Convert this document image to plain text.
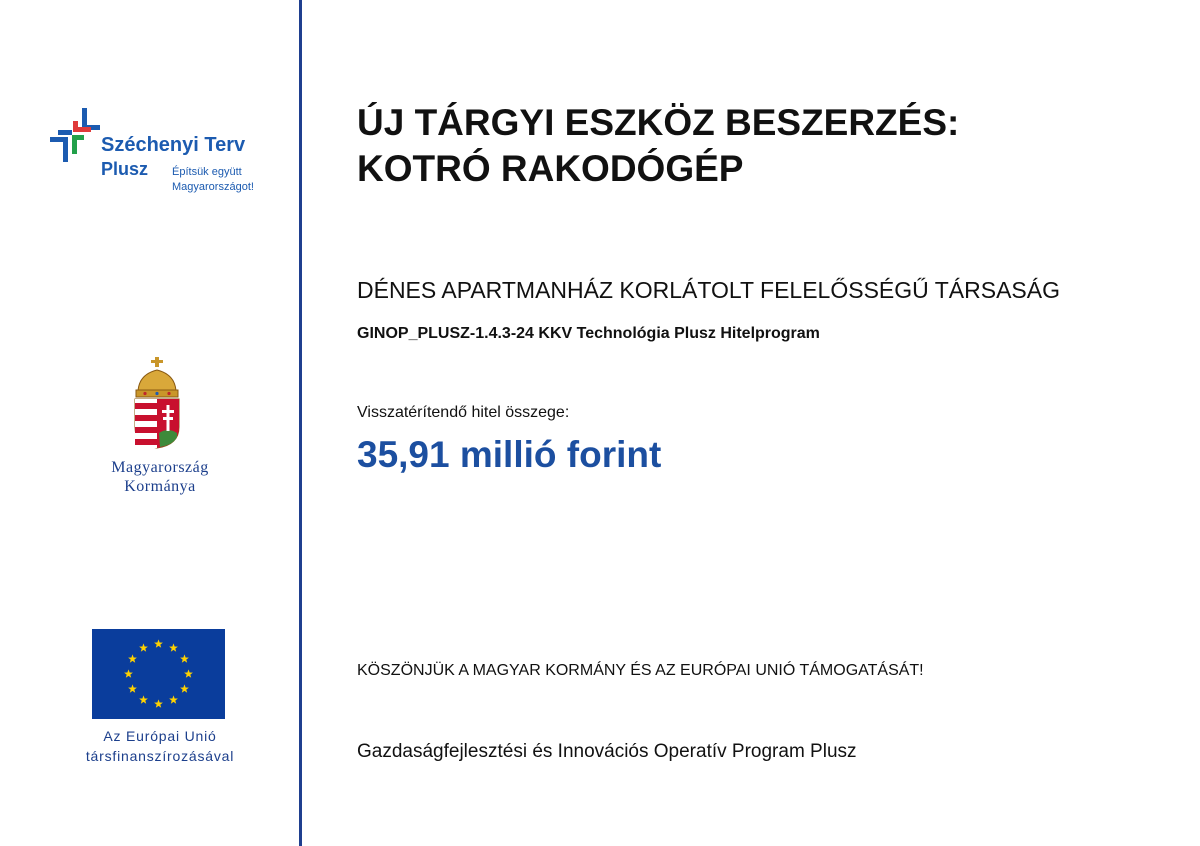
Széchenyi Terv
Plusz Építsük együtt
Magyarországot!
Magyarország
Kormánya
Az Európai Unió
társfinanszírozásával
ÚJ TÁRGYI ESZKÖZ BESZERZÉS:
KOTRÓ RAKODÓGÉP
DÉNES APARTMANHÁZ KORLÁTOLT FELELŐSSÉGŰ TÁRSASÁG
GINOP_PLUSZ-1.4.3-24 KKV Technológia Plusz Hitelprogram
Visszatérítendő hitel összege:
35,91 millió forint
KÖSZÖNJÜK A MAGYAR KORMÁNY ÉS AZ EURÓPAI UNIÓ TÁMOGATÁSÁT!
Gazdaságfejlesztési és Innovációs Operatív Program Plusz
